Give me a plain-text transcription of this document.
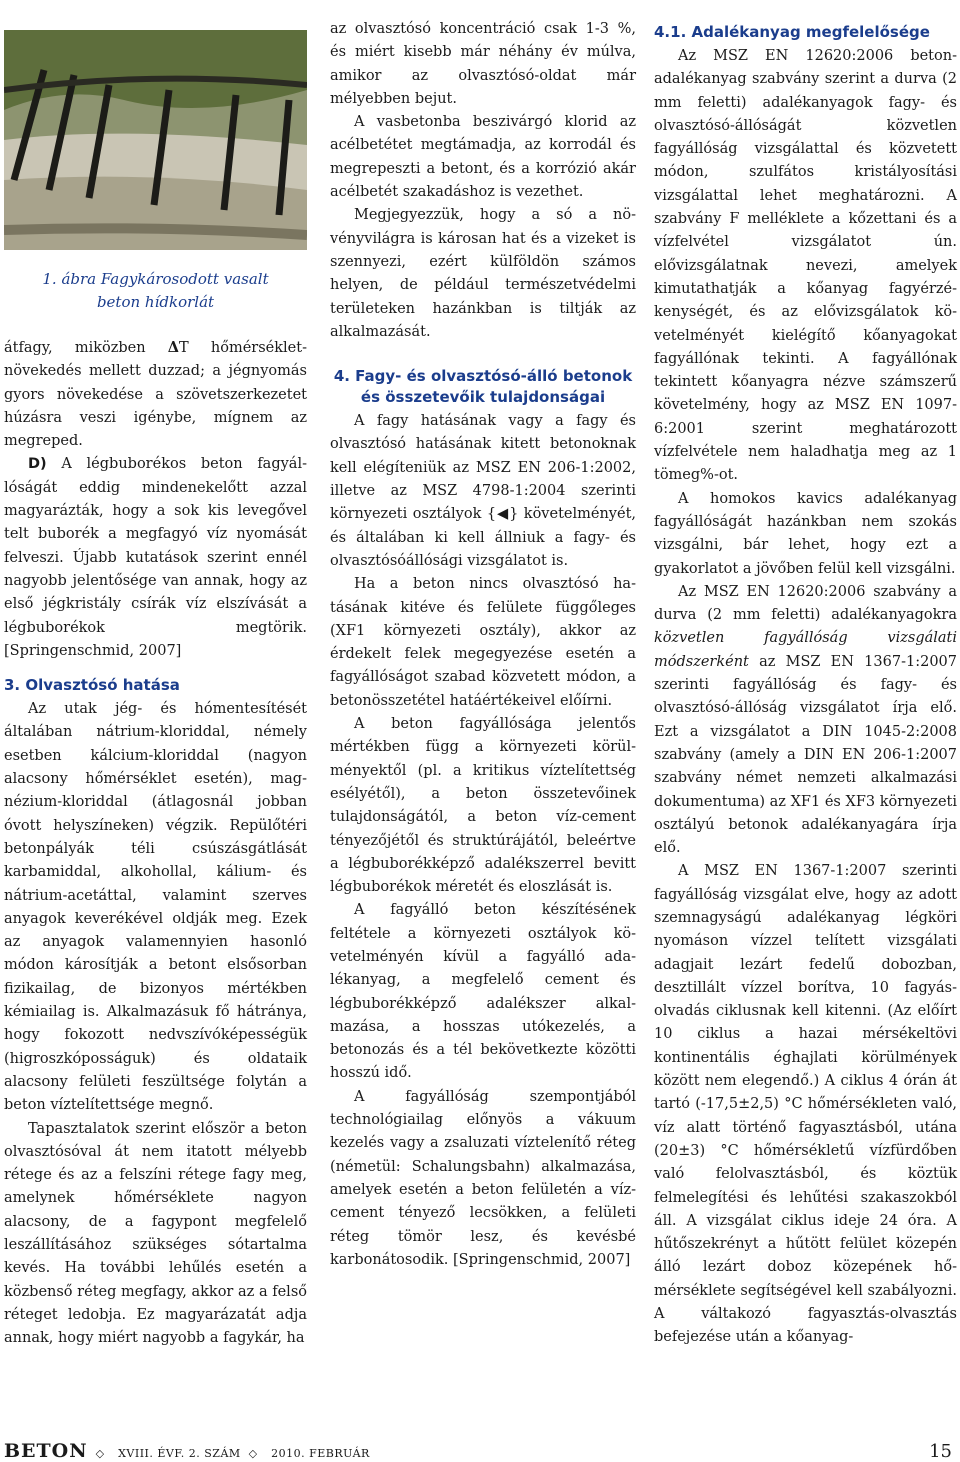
1. ábra Fagykárosodott vasalt
beton hídkorlát

átfagy, miközben ΔT hőmérsékletnövekedés mellett duzzad; a jégnyomás gyors növekedése a szövetszerkezetet húzásra veszi igénybe, mígnem az megreped.

D) A légbuborékos beton fagyállóságát eddig mindenekelőtt azzal magyarázták, hogy a sok kis levegővel telt buborék a megfagyó víz nyomását felveszi. Újabb kutatások szerint ennél nagyobb jelentősége van annak, hogy az első jégkristály csírák víz elszívását a légbuborékok megtörik. [Springenschmid, 2007]

3. Olvasztósó hatása

Az utak jég- és hómentesítését általában nátrium-kloriddal, némely esetben kálcium-kloriddal (nagyon alacsony hőmérséklet esetén), magnézium-kloriddal (átlagosnál jobban óvott helyszíneken) végzik. Repülőtéri betonpályák téli csúszásgátlását karbamiddal, alkohollal, kálium- és nátrium-acetáttal, valamint szerves anyagok keverékével oldják meg. Ezek az anyagok valamennyien hasonló módon károsítják a betont elsősorban fizikailag, de bizonyos mértékben kémiailag is. Alkalmazásuk fő hátránya, hogy fokozott nedvszívóképességük (higroszkóposságuk) és oldataik alacsony felületi feszültsége folytán a beton víztelítettsége megnő.

Tapasztalatok szerint először a beton olvasztósóval át nem itatott mélyebb rétege és az a felszíni rétege fagy meg, amelynek hőmérséklete nagyon alacsony, de a fagypont megfelelő leszállításához szükséges sótartalma kevés. Ha további lehűlés esetén a közbenső réteg megfagy, akkor az a felső réteget ledobja. Ez magyarázatát adja annak, hogy miért nagyobb a fagykár, ha

az olvasztósó koncentráció csak 1-3 %, és miért kisebb már néhány év múlva, amikor az olvasztósó-oldat már mélyebben bejut.

A vasbetonba beszivárgó klorid az acélbetétet megtámadja, az korrodál és megrepeszti a betont, és a korrózió akár acélbetét szakadáshoz is vezethet.

Megjegyezzük, hogy a só a növényvilágra is károsan hat és a vizeket is szennyezi, ezért külföldön számos helyen, de például természetvédelmi területeken hazánkban is tiltják az alkalmazását.

4. Fagy- és olvasztósó-álló betonok
és összetevőik tulajdonságai

A fagy hatásának vagy a fagy és olvasztósó hatásának kitett betonoknak kell elégíteniük az MSZ EN 206-1:2002, illetve az MSZ 4798-1:2004 szerinti környezeti osztályok {◀} követelményét, és általában ki kell állniuk a fagy- és olvasztósóállósági vizsgálatot is.

Ha a beton nincs olvasztósó hatásának kitéve és felülete függőleges (XF1 környezeti osztály), akkor az érdekelt felek megegyezése esetén a fagyállóságot szabad közvetett módon, a betonösszetétel hatáértékeivel előírni.

A beton fagyállósága jelentős mértékben függ a környezeti körülményektől (pl. a kritikus víztelítettség esélyétől), a beton összetevőinek tulajdonságától, a beton víz-cement tényezőjétől és struktúrájától, beleértve a légbuborékképző adalékszerrel bevitt légbuborékok méretét és eloszlását is.

A fagyálló beton készítésének feltétele a környezeti osztályok követelményén kívül a fagyálló adalékanyag, a megfelelő cement és légbuborékképző adalékszer alkalmazása, a hosszas utókezelés, a betonozás és a tél bekövetkezte közötti hosszú idő.

A fagyállóság szempontjából technológiailag előnyös a vákuum kezelés vagy a zsaluzati víztelenítő réteg (németül: Schalungsbahn) alkalmazása, amelyek esetén a beton felületén a víz-cement tényező lecsökken, a felületi réteg tömör lesz, és kevésbé karbonátosodik. [Springenschmid, 2007]

4.1. Adalékanyag megfelelősége

Az MSZ EN 12620:2006 betonadalékanyag szabvány szerint a durva (2 mm feletti) adalékanyagok fagy- és olvasztósó-állóságát közvetlen fagyállóság vizsgálattal és közvetett módon, szulfátos kristályosítási vizsgálattal lehet meghatározni. A szabvány F melléklete a kőzettani és a vízfelvétel vizsgálatot ún. elővizsgálatnak nevezi, amelyek kimutathatják a kőanyag fagyérzékenységét, és az elővizsgálatok követelményét kielégítő kőanyagokat fagyállónak tekinti. A fagyállónak tekintett kőanyagra nézve számszerű követelmény, hogy az MSZ EN 1097-6:2001 szerint meghatározott vízfelvétele nem haladhatja meg az 1 tömeg%-ot.

A homokos kavics adalékanyag fagyállóságát hazánkban nem szokás vizsgálni, bár lehet, hogy ezt a gyakorlatot a jövőben felül kell vizsgálni.

Az MSZ EN 12620:2006 szabvány a durva (2 mm feletti) adalékanyagokra közvetlen fagyállóság vizsgálati módszerként az MSZ EN 1367-1:2007 szerinti fagyállóság és fagy- és olvasztósó-állóság vizsgálatot írja elő. Ezt a vizsgálatot a DIN 1045-2:2008 szabvány (amely a DIN EN 206-1:2007 szabvány német nemzeti alkalmazási dokumentuma) az XF1 és XF3 környezeti osztályú betonok adalékanyagára írja elő.

A MSZ EN 1367-1:2007 szerinti fagyállóság vizsgálat elve, hogy az adott szemnagyságú adalékanyag légköri nyomáson vízzel telített vizsgálati adagjait lezárt fedelű dobozban, desztillált vízzel borítva, 10 fagyás-olvadás ciklusnak kell kitenni. (Az előírt 10 ciklus a hazai mérsékeltövi kontinentális éghajlati körülmények között nem elegendő.) A ciklus 4 órán át tartó (-17,5±2,5) °C hőmérsékleten való, víz alatt történő fagyasztásból, utána (20±3) °C hőmérsékletű vízfürdőben való felolvasztásból, és köztük felmelegítési és lehűtési szakaszokból áll. A vizsgálat ciklus ideje 24 óra. A hűtőszekrényt a hűtött felület közepén álló lezárt doboz közepének hőmérséklete segítségével kell szabályozni. A váltakozó fagyasztás-olvasztás befejezése után a kőanyag-

BETON ◇ XVIII. ÉVF. 2. SZÁM ◇ 2010. FEBRUÁR	15
